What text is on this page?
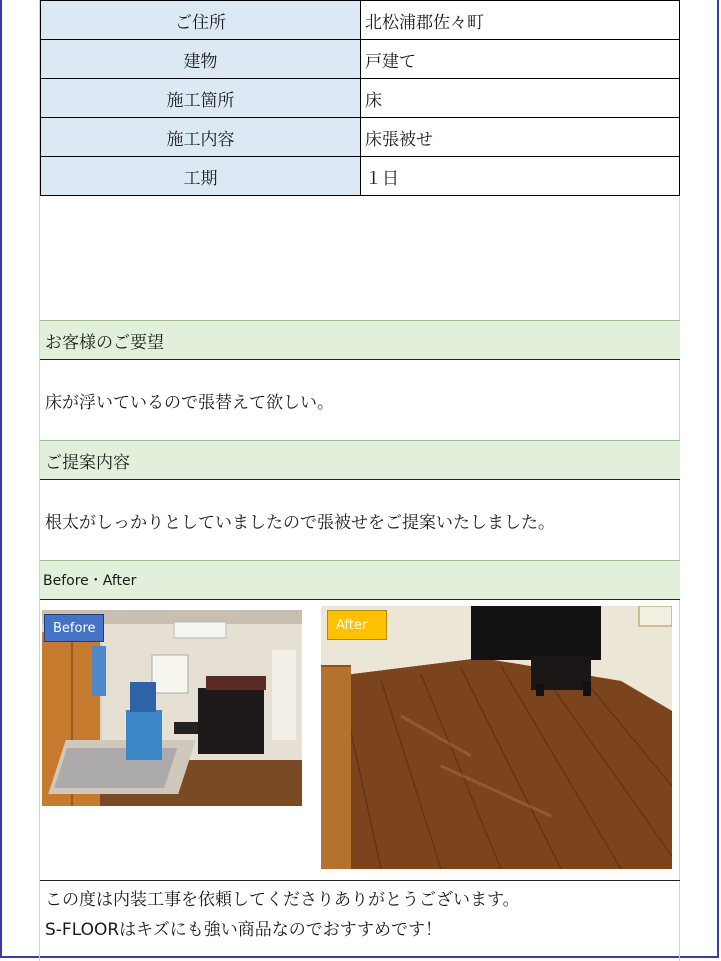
ご住所	北松浦郡佐々町
建物	戸建て
施工箇所	床
施工内容	床張被せ
工期	１日
お客様のご要望
床が浮いているので張替えて欲しい。
ご提案内容
根太がしっかりとしていましたので張被せをご提案いたしました。
Before・After
Before	After
この度は内装工事を依頼してくださりありがとうございます。
S-FLOORはキズにも強い商品なのでおすすめです！
